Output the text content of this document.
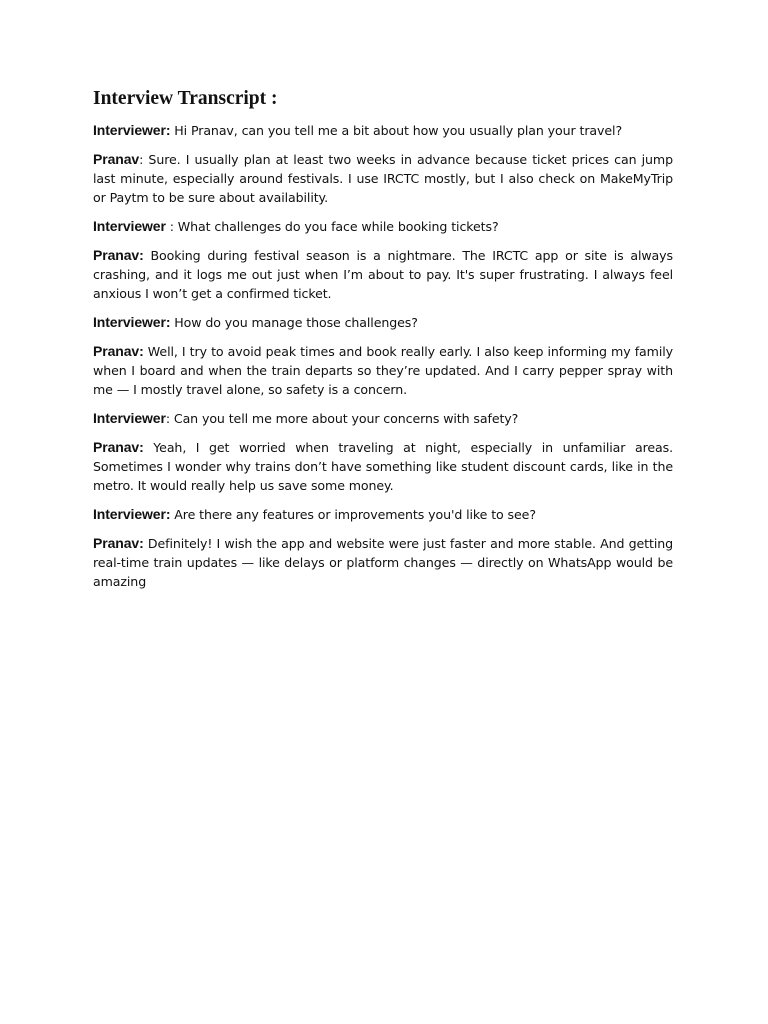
Interview Transcript :

Interviewer: Hi Pranav, can you tell me a bit about how you usually plan your travel?

Pranav: Sure. I usually plan at least two weeks in advance because ticket prices can jump last minute, especially around festivals. I use IRCTC mostly, but I also check on MakeMyTrip or Paytm to be sure about availability.

Interviewer : What challenges do you face while booking tickets?

Pranav: Booking during festival season is a nightmare. The IRCTC app or site is always crashing, and it logs me out just when I’m about to pay. It's super frustrating. I always feel anxious I won’t get a confirmed ticket.

Interviewer: How do you manage those challenges?

Pranav: Well, I try to avoid peak times and book really early. I also keep informing my family when I board and when the train departs so they’re updated. And I carry pepper spray with me — I mostly travel alone, so safety is a concern.

Interviewer: Can you tell me more about your concerns with safety?

Pranav: Yeah, I get worried when traveling at night, especially in unfamiliar areas. Sometimes I wonder why trains don’t have something like student discount cards, like in the metro. It would really help us save some money.

Interviewer: Are there any features or improvements you'd like to see?

Pranav: Definitely! I wish the app and website were just faster and more stable. And getting real-time train updates — like delays or platform changes — directly on WhatsApp would be amazing
